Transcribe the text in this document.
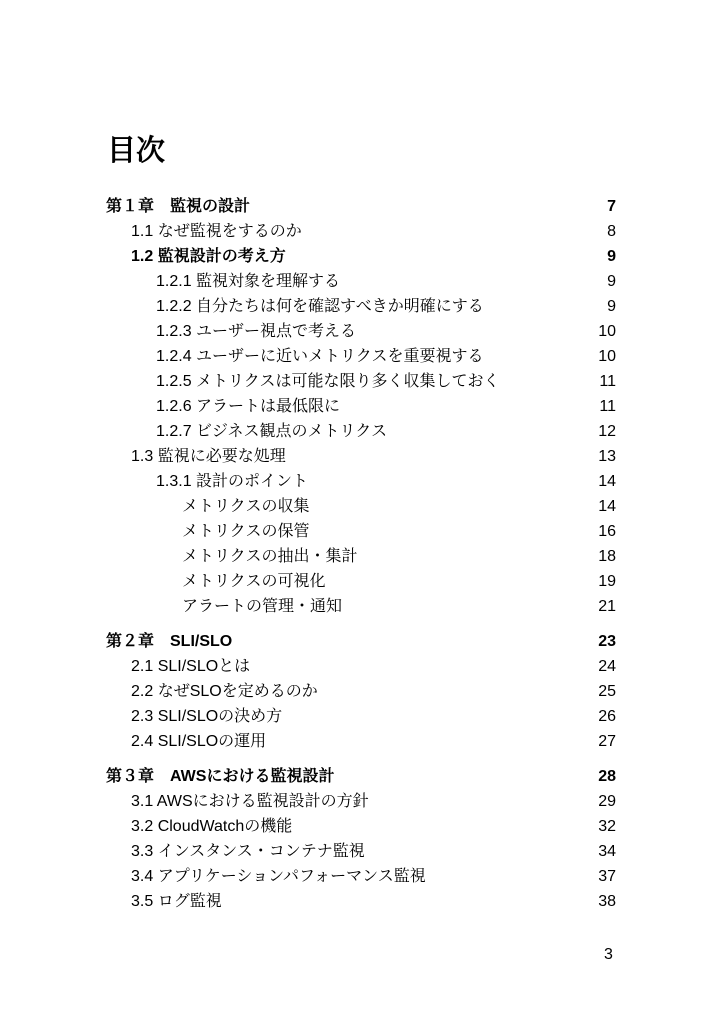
目次
第１章　監視の設計	7
1.1 なぜ監視をするのか	8
1.2 監視設計の考え方	9
1.2.1 監視対象を理解する	9
1.2.2 自分たちは何を確認すべきか明確にする	9
1.2.3 ユーザー視点で考える	10
1.2.4 ユーザーに近いメトリクスを重要視する	10
1.2.5 メトリクスは可能な限り多く収集しておく	11
1.2.6 アラートは最低限に	11
1.2.7 ビジネス観点のメトリクス	12
1.3 監視に必要な処理	13
1.3.1 設計のポイント	14
メトリクスの収集	14
メトリクスの保管	16
メトリクスの抽出・集計	18
メトリクスの可視化	19
アラートの管理・通知	21
第２章　SLI/SLO	23
2.1 SLI/SLOとは	24
2.2 なぜSLOを定めるのか	25
2.3 SLI/SLOの決め方	26
2.4 SLI/SLOの運用	27
第３章　AWSにおける監視設計	28
3.1 AWSにおける監視設計の方針	29
3.2 CloudWatchの機能	32
3.3 インスタンス・コンテナ監視	34
3.4 アプリケーションパフォーマンス監視	37
3.5 ログ監視	38
3
